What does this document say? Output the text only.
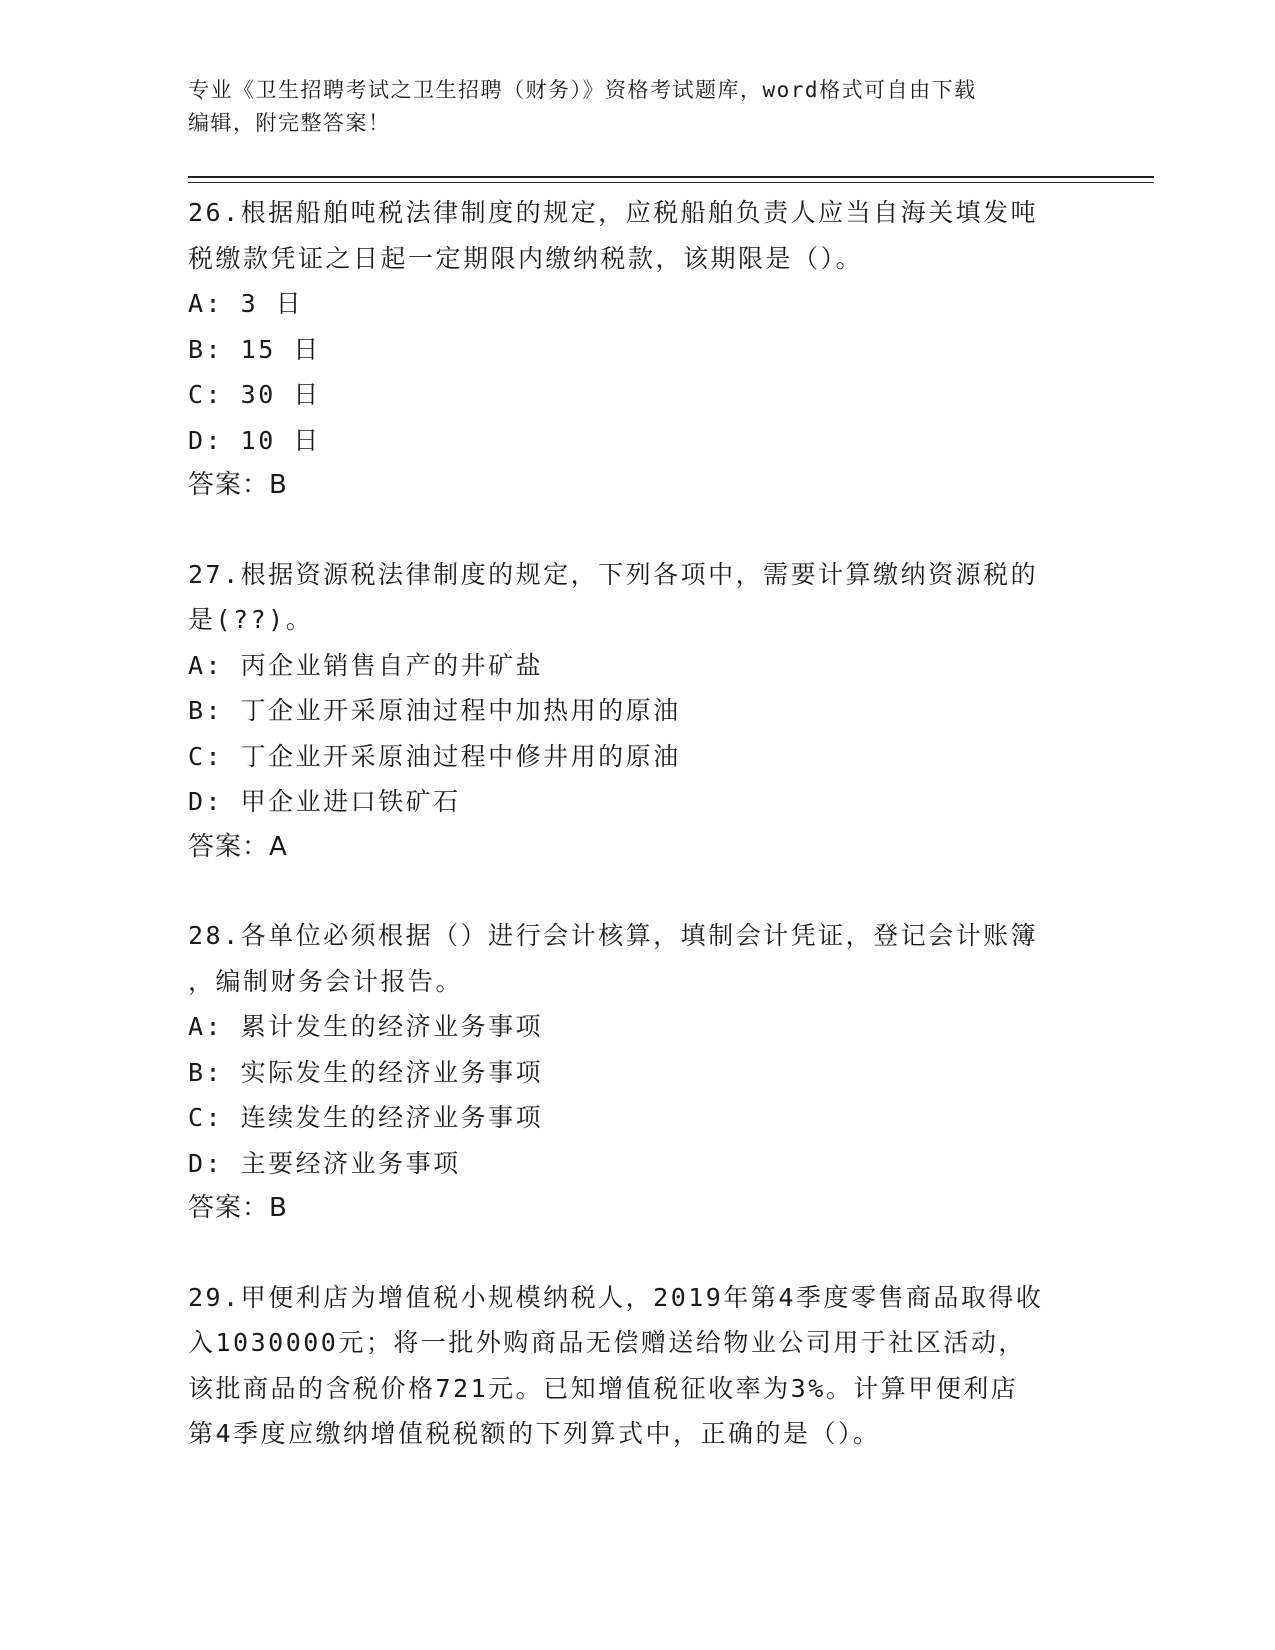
专业《卫生招聘考试之卫生招聘（财务）》资格考试题库，word格式可自由下载
编辑，附完整答案！
26.根据船舶吨税法律制度的规定，应税船舶负责人应当自海关填发吨
税缴款凭证之日起一定期限内缴纳税款，该期限是（）。
A: 3 日
B: 15 日
C: 30 日
D: 10 日
答案：B
27.根据资源税法律制度的规定，下列各项中，需要计算缴纳资源税的
是(??)。
A: 丙企业销售自产的井矿盐
B: 丁企业开采原油过程中加热用的原油
C: 丁企业开采原油过程中修井用的原油
D: 甲企业进口铁矿石
答案：A
28.各单位必须根据（）进行会计核算，填制会计凭证，登记会计账簿
，编制财务会计报告。
A: 累计发生的经济业务事项
B: 实际发生的经济业务事项
C: 连续发生的经济业务事项
D: 主要经济业务事项
答案：B
29.甲便利店为增值税小规模纳税人，2019年第4季度零售商品取得收
入1030000元；将一批外购商品无偿赠送给物业公司用于社区活动，
该批商品的含税价格721元。已知增值税征收率为3%。计算甲便利店
第4季度应缴纳增值税税额的下列算式中，正确的是（）。
